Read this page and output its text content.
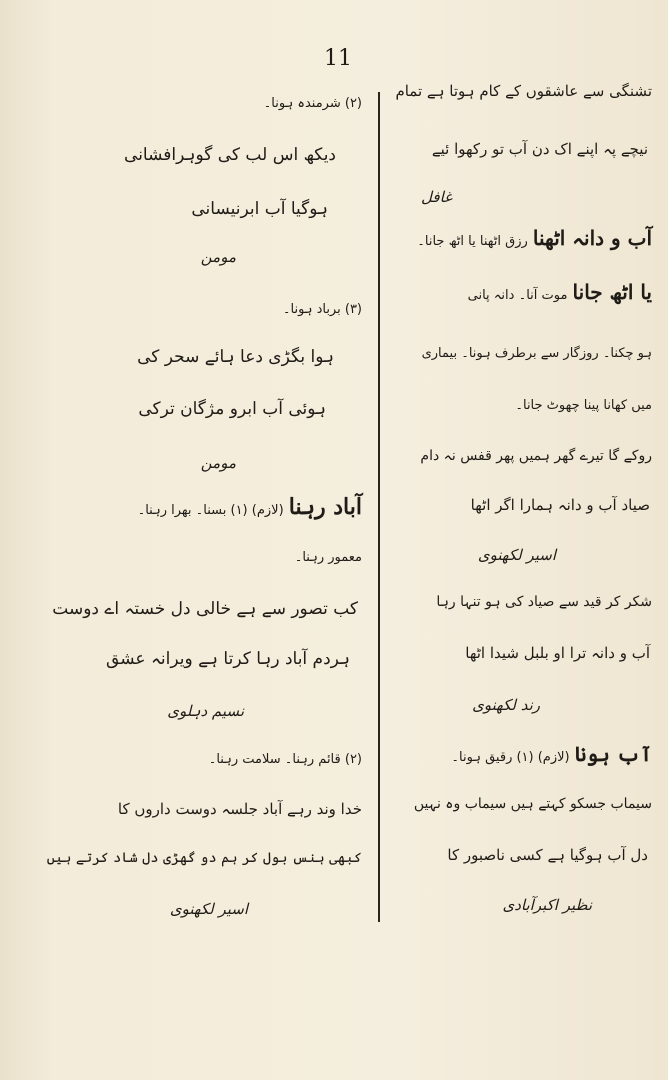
11
(۲) شرمندہ ہونا۔
دیکھ اس لب کی گوہرافشانی
ہوگیا آب ابرنیسانی
مومن
(۳) برباد ہونا۔
ہوا بگڑی دعا ہائے سحر کی
ہوئی آب ابرو مژگان ترکی
مومن
آباد رہنا (لازم) (۱) بسنا۔ بھرا رہنا۔
معمور رہنا۔
کب تصور سے ہے خالی دل خستہ اے دوست
ہردم آباد رہا کرتا ہے ویرانہ عشق
نسیم دہلوی
(۲) قائم رہنا۔ سلامت رہنا۔
خدا وند رہے آباد جلسہ دوست داروں کا
کبھی ہنس بول کر ہم دو گھڑی دل شاد کرتے ہیں
اسیر لکھنوی
تشنگی سے عاشقوں کے کام ہوتا ہے تمام
نیچے پہ اپنے اک دن آب تو رکھوا ئیے
غافل
آب و دانہ اٹھنا رزق اٹھنا یا اٹھ جانا۔
یا اٹھ جانا موت آنا۔ دانہ پانی
ہو چکنا۔ روزگار سے برطرف ہونا۔ بیماری
میں کھانا پینا چھوٹ جانا۔
روکے گا تیرے گھر ہمیں پھر قفس نہ دام
صیاد آب و دانہ ہمارا اگر اٹھا
اسیر لکھنوی
شکر کر قید سے صیاد کی ہو تنہا رہا
آب و دانہ ترا او بلبل شیدا اٹھا
رند لکھنوی
آب ہونا (لازم) (۱) رقیق ہونا۔
سیماب جسکو کہتے ہیں سیماب وہ نہیں
دل آب ہوگیا ہے کسی ناصبور کا
نظیر اکبرآبادی
